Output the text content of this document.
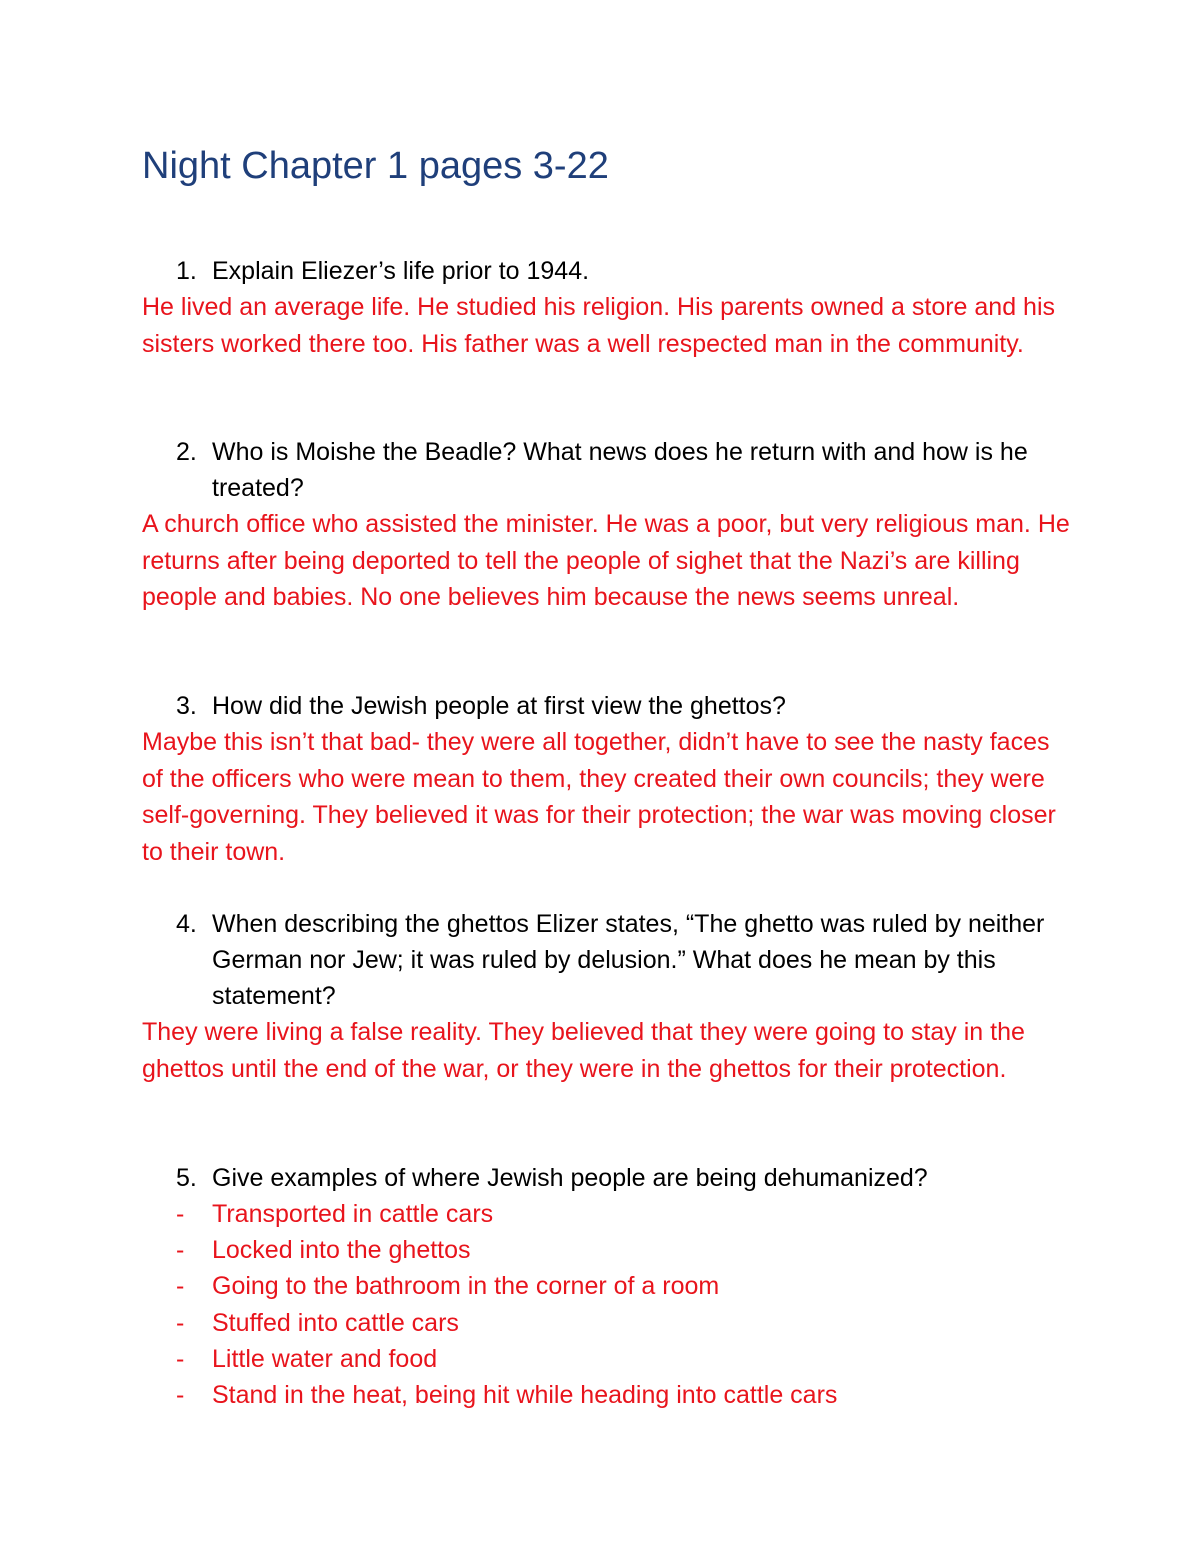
Night Chapter 1 pages 3-22
1. Explain Eliezer’s life prior to 1944.
He lived an average life. He studied his religion. His parents owned a store and his sisters worked there too. His father was a well respected man in the community.
2. Who is Moishe the Beadle? What news does he return with and how is he treated?
A church office who assisted the minister. He was a poor, but very religious man. He returns after being deported to tell the people of sighet that the Nazi’s are killing people and babies. No one believes him because the news seems unreal.
3. How did the Jewish people at first view the ghettos?
Maybe this isn’t that bad- they were all together, didn’t have to see the nasty faces of the officers who were mean to them, they created their own councils; they were self-governing. They believed it was for their protection; the war was moving closer to their town.
4. When describing the ghettos Elizer states, “The ghetto was ruled by neither German nor Jew; it was ruled by delusion.” What does he mean by this statement?
They were living a false reality. They believed that they were going to stay in the ghettos until the end of the war, or they were in the ghettos for their protection.
5. Give examples of where Jewish people are being dehumanized?
- Transported in cattle cars
- Locked into the ghettos
- Going to the bathroom in the corner of a room
- Stuffed into cattle cars
- Little water and food
- Stand in the heat, being hit while heading into cattle cars
